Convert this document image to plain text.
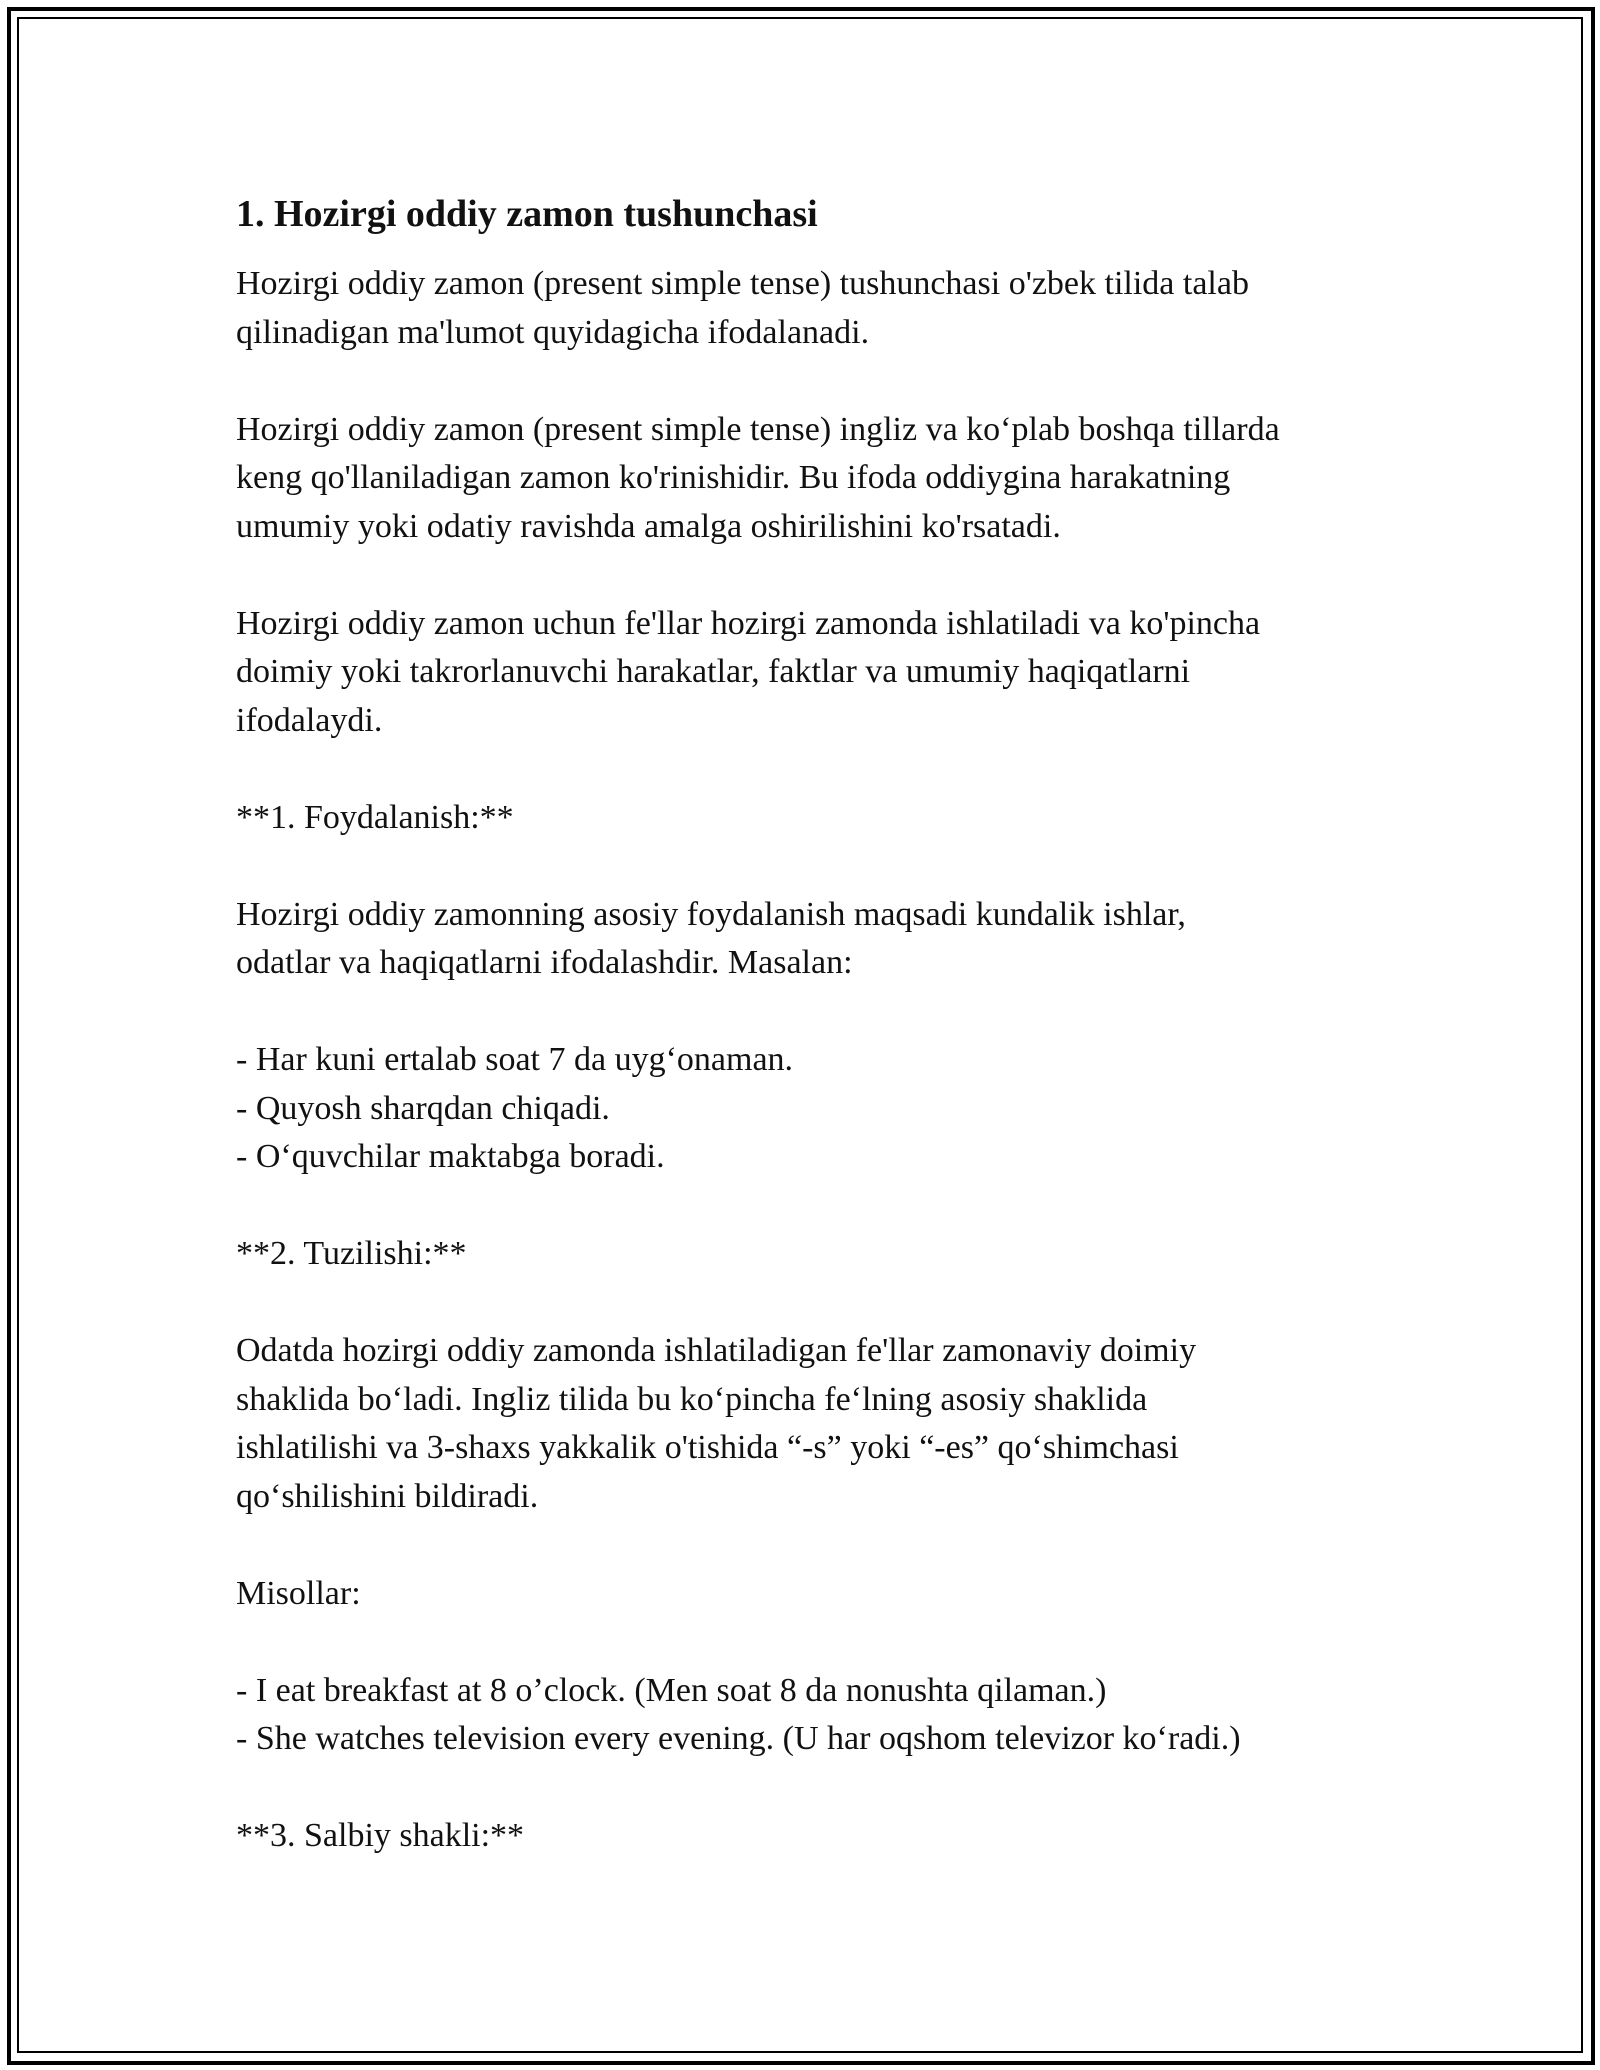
1. Hozirgi oddiy zamon tushunchasi

Hozirgi oddiy zamon (present simple tense) tushunchasi o'zbek tilida talab
qilinadigan ma'lumot quyidagicha ifodalanadi.

Hozirgi oddiy zamon (present simple tense) ingliz va ko‘plab boshqa tillarda
keng qo'llaniladigan zamon ko'rinishidir. Bu ifoda oddiygina harakatning
umumiy yoki odatiy ravishda amalga oshirilishini ko'rsatadi.

Hozirgi oddiy zamon uchun fe'llar hozirgi zamonda ishlatiladi va ko'pincha
doimiy yoki takrorlanuvchi harakatlar, faktlar va umumiy haqiqatlarni
ifodalaydi.

**1. Foydalanish:**

Hozirgi oddiy zamonning asosiy foydalanish maqsadi kundalik ishlar,
odatlar va haqiqatlarni ifodalashdir. Masalan:

- Har kuni ertalab soat 7 da uyg‘onaman.

- Quyosh sharqdan chiqadi.

- O‘quvchilar maktabga boradi.

**2. Tuzilishi:**

Odatda hozirgi oddiy zamonda ishlatiladigan fe'llar zamonaviy doimiy
shaklida bo‘ladi. Ingliz tilida bu ko‘pincha fe‘lning asosiy shaklida
ishlatilishi va 3-shaxs yakkalik o'tishida “-s” yoki “-es” qo‘shimchasi
qo‘shilishini bildiradi.

Misollar:

- I eat breakfast at 8 o’clock. (Men soat 8 da nonushta qilaman.)

- She watches television every evening. (U har oqshom televizor ko‘radi.)

**3. Salbiy shakli:**
